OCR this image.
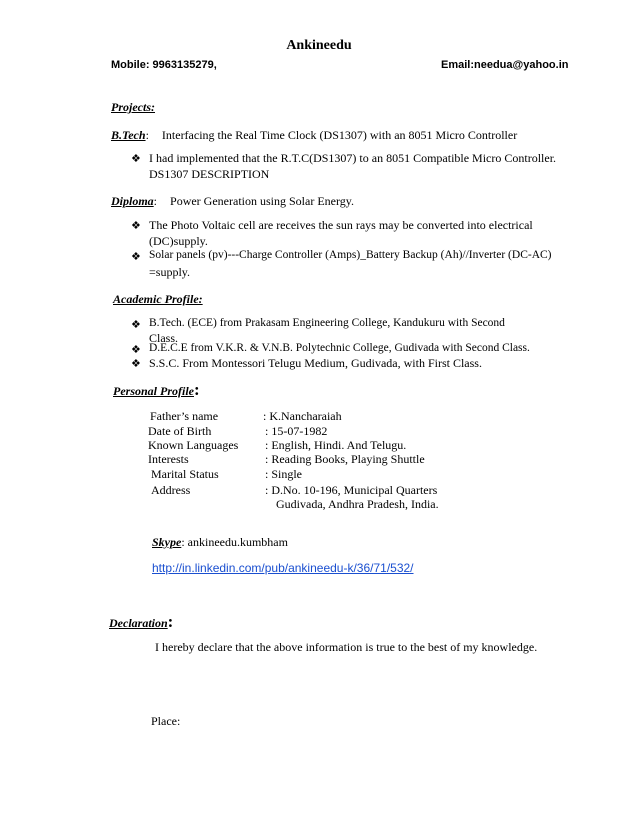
Ankineedu
Mobile: 9963135279,	Email:needua@yahoo.in
Projects:
B.Tech: Interfacing the Real Time Clock (DS1307) with an 8051 Micro Controller
❖ I had implemented that the R.T.C(DS1307) to an 8051 Compatible Micro Controller.
DS1307 DESCRIPTION
Diploma: Power Generation using Solar Energy.
❖ The Photo Voltaic cell are receives the sun rays may be converted into electrical
(DC)supply.
❖ Solar panels (pv)---Charge Controller (Amps)_Battery Backup (Ah)//Inverter (DC-AC)
=supply.
Academic Profile:
❖ B.Tech. (ECE) from Prakasam Engineering College, Kandukuru with Second
Class.
❖ D.E.C.E from V.K.R. & V.N.B. Polytechnic College, Gudivada with Second Class.
❖ S.S.C. From Montessori Telugu Medium, Gudivada, with First Class.
Personal Profile:
Father’s name	: K.Nancharaiah
Date of Birth	: 15-07-1982
Known Languages : English, Hindi. And Telugu.
Interests	: Reading Books, Playing Shuttle
Marital Status	: Single
Address	: D.No. 10-196, Municipal Quarters
Gudivada, Andhra Pradesh, India.
Skype: ankineedu.kumbham
http://in.linkedin.com/pub/ankineedu-k/36/71/532/
Declaration:
I hereby declare that the above information is true to the best of my knowledge.
Place:
